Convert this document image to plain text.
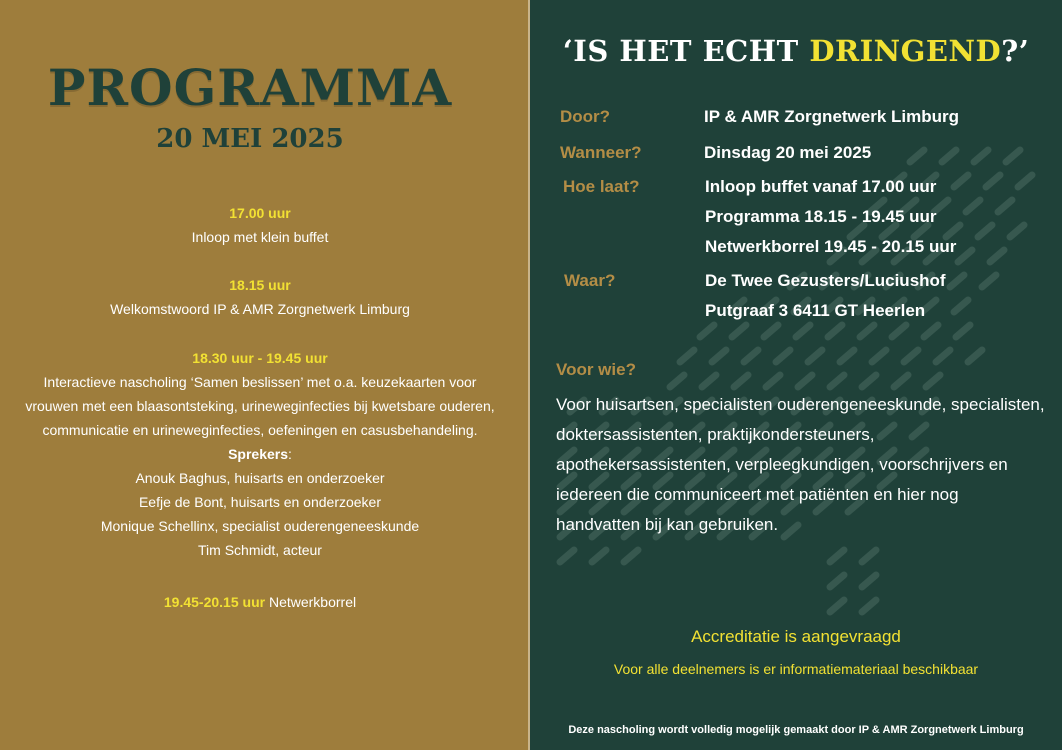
PROGRAMMA
20 MEI 2025
17.00 uur
Inloop met klein buffet
18.15 uur
Welkomstwoord IP & AMR Zorgnetwerk Limburg
18.30 uur - 19.45 uur
Interactieve nascholing ‘Samen beslissen’ met o.a. keuzekaarten voor
vrouwen met een blaasontsteking, urineweginfecties bij kwetsbare ouderen,
communicatie en urineweginfecties, oefeningen en casusbehandeling.
Sprekers:
Anouk Baghus, huisarts en onderzoeker
Eefje de Bont, huisarts en onderzoeker
Monique Schellinx, specialist ouderengeneeskunde
Tim Schmidt, acteur
19.45-20.15 uur Netwerkborrel
‘IS HET ECHT DRINGEND?’
Door?	IP & AMR Zorgnetwerk Limburg
Wanneer?	Dinsdag 20 mei 2025
Hoe laat?	Inloop buffet vanaf 17.00 uur
Programma 18.15 - 19.45 uur
Netwerkborrel 19.45 - 20.15 uur
Waar?	De Twee Gezusters/Luciushof
Putgraaf 3 6411 GT Heerlen
Voor wie?
Voor huisartsen, specialisten ouderengeneeskunde, specialisten, doktersassistenten, praktijkondersteuners, apothekersassistenten, verpleegkundigen, voorschrijvers en iedereen die communiceert met patiënten en hier nog handvatten bij kan gebruiken.
Accreditatie is aangevraagd
Voor alle deelnemers is er informatiemateriaal beschikbaar
Deze nascholing wordt volledig mogelijk gemaakt door IP & AMR Zorgnetwerk Limburg
